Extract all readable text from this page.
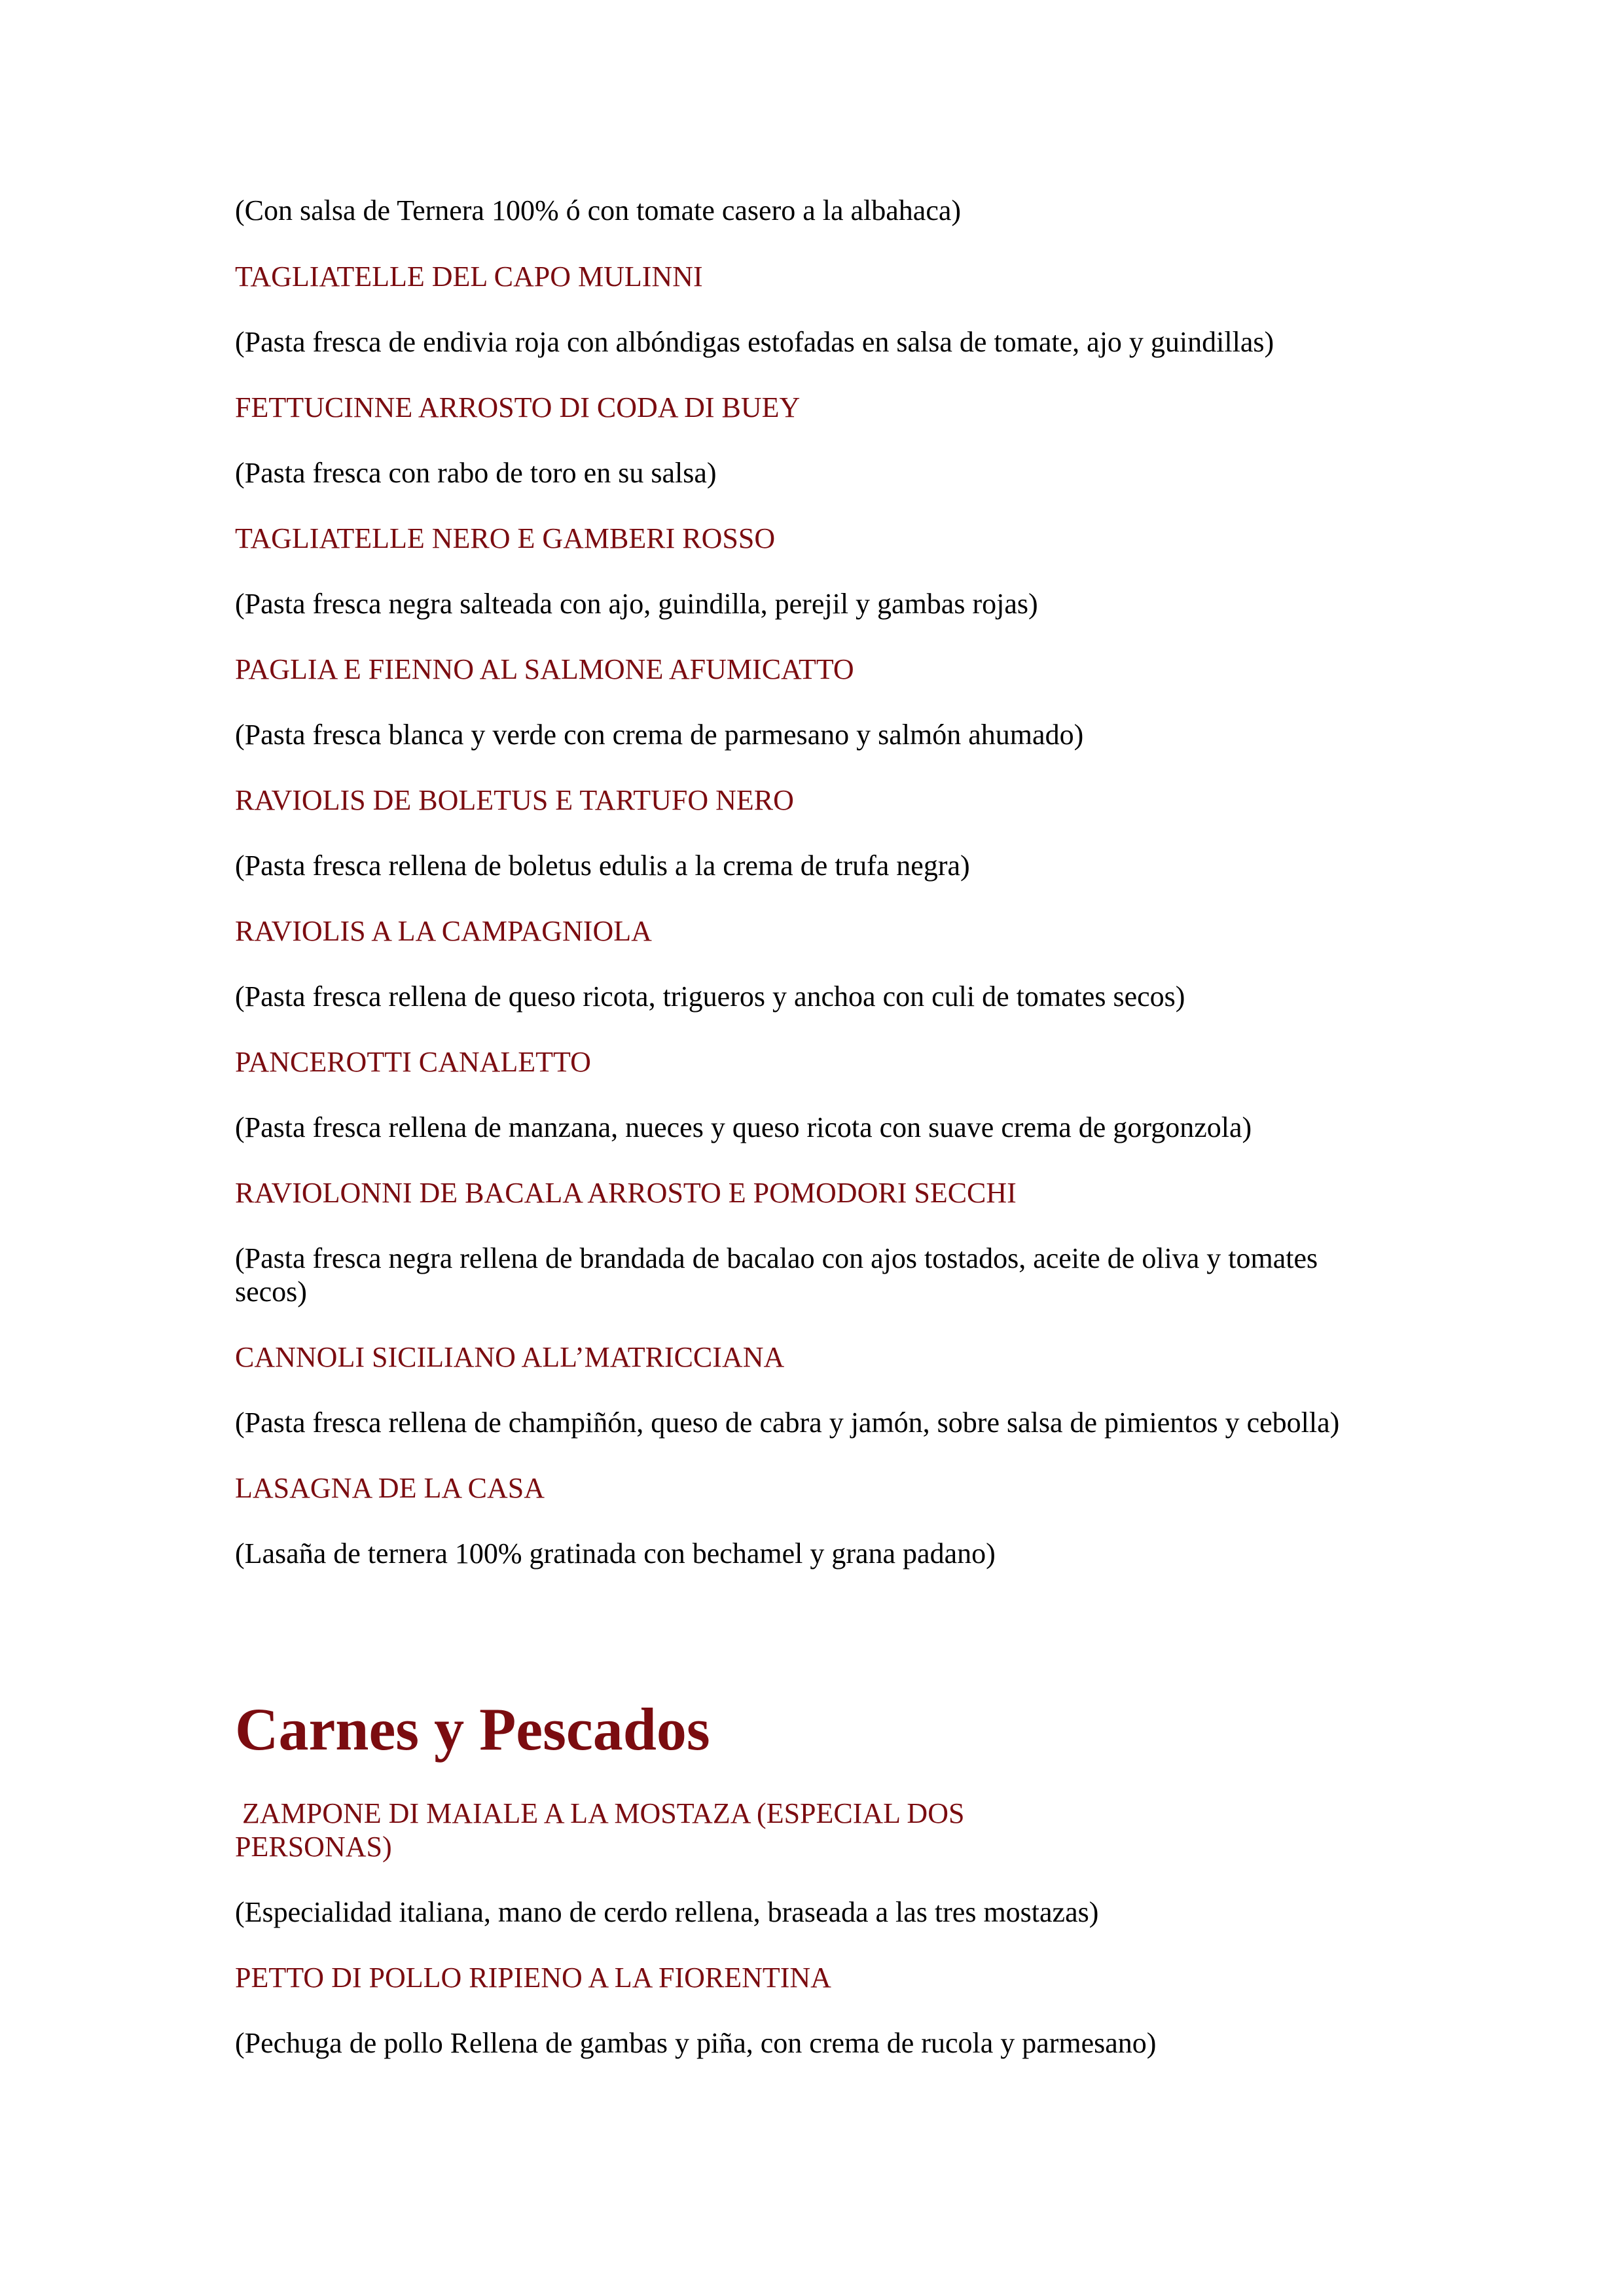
(Con salsa de Ternera 100% ó con tomate casero a la albahaca)
TAGLIATELLE DEL CAPO MULINNI
(Pasta fresca de endivia roja con albóndigas estofadas en salsa de tomate, ajo y guindillas)
FETTUCINNE ARROSTO DI CODA DI BUEY
(Pasta fresca con rabo de toro en su salsa)
TAGLIATELLE NERO E GAMBERI ROSSO
(Pasta fresca negra salteada con ajo, guindilla, perejil y gambas rojas)
PAGLIA E FIENNO AL SALMONE AFUMICATTO
(Pasta fresca blanca y verde con crema de parmesano y salmón ahumado)
RAVIOLIS DE BOLETUS E TARTUFO NERO
(Pasta fresca rellena de boletus edulis a la crema de trufa negra)
RAVIOLIS A LA CAMPAGNIOLA
(Pasta fresca rellena de queso ricota, trigueros y anchoa con culi de tomates secos)
PANCEROTTI CANALETTO
(Pasta fresca rellena de manzana, nueces y queso ricota con suave crema de gorgonzola)
RAVIOLONNI DE BACALA ARROSTO E POMODORI SECCHI
(Pasta fresca negra rellena de brandada de bacalao con ajos tostados, aceite de oliva y tomates
secos)
CANNOLI SICILIANO ALL’MATRICCIANA
(Pasta fresca rellena de champiñón, queso de cabra y jamón, sobre salsa de pimientos y cebolla)
LASAGNA DE LA CASA
(Lasaña de ternera 100% gratinada con bechamel y grana padano)
Carnes y Pescados
ZAMPONE DI MAIALE A LA MOSTAZA (ESPECIAL DOS
PERSONAS)
(Especialidad italiana, mano de cerdo rellena, braseada a las tres mostazas)
PETTO DI POLLO RIPIENO A LA FIORENTINA
(Pechuga de pollo Rellena de gambas y piña, con crema de rucola y parmesano)
